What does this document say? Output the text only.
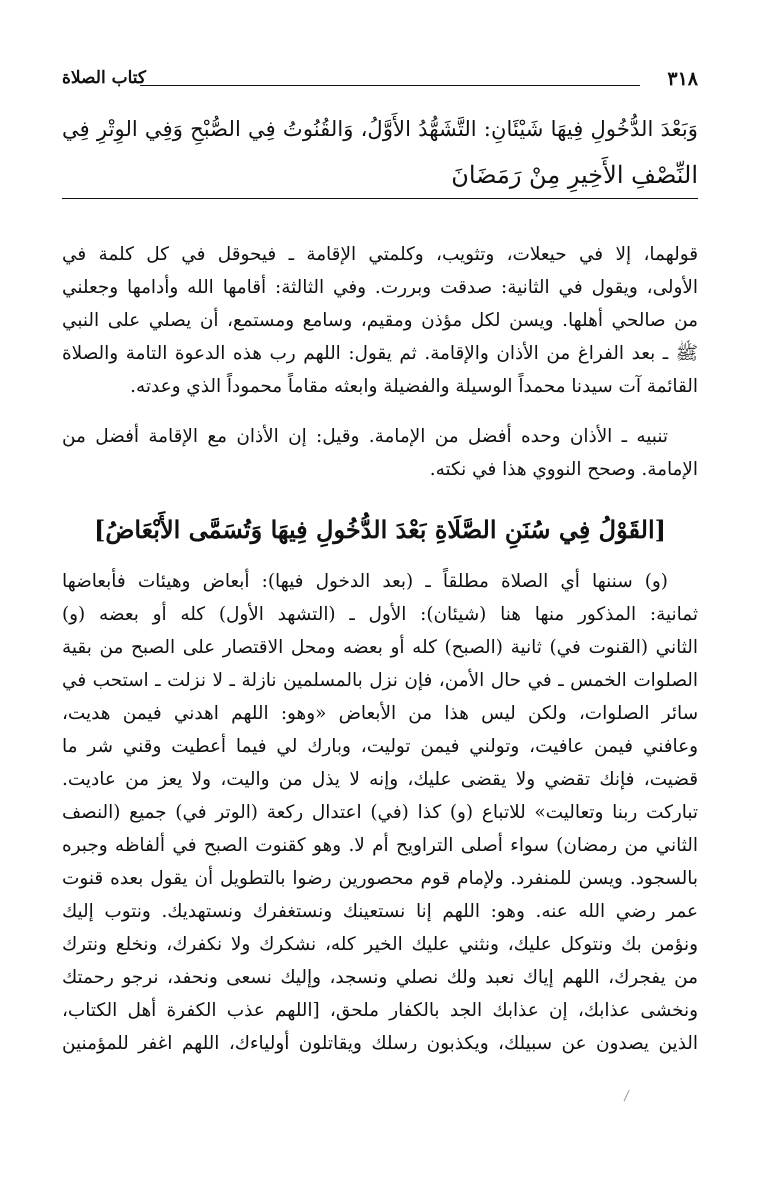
٣١٨
كتاب الصلاة
وَبَعْدَ الدُّخُولِ فِيهَا شَيْئَانِ: التَّشَهُّدُ الأَوَّلُ، وَالقُنُوتُ فِي الصُّبْحِ وَفِي الوِتْرِ فِي
النِّصْفِ الأَخِيرِ مِنْ رَمَضَانَ
قولهما، إلا في حيعلات، وتثويب، وكلمتي الإقامة ـ فيحوقل في كل كلمة في
الأولى، ويقول في الثانية: صدقت وبررت. وفي الثالثة: أقامها الله وأدامها وجعلني
من صالحي أهلها. ويسن لكل مؤذن ومقيم، وسامع ومستمع، أن يصلي على النبي
ﷺ ـ بعد الفراغ من الأذان والإقامة. ثم يقول: اللهم رب هذه الدعوة التامة والصلاة
القائمة آت سيدنا محمداً الوسيلة والفضيلة وابعثه مقاماً محموداً الذي وعدته.
تنبيه ـ الأذان وحده أفضل من الإمامة. وقيل: إن الأذان مع الإقامة أفضل من
الإمامة. وصحح النووي هذا في نكته.
[القَوْلُ فِي سُنَنِ الصَّلَاةِ بَعْدَ الدُّخُولِ فِيهَا وَتُسَمَّى الأَبْعَاضُ]
(و) سننها أي الصلاة مطلقاً ـ (بعد الدخول فيها): أبعاض وهيئات فأبعاضها
ثمانية: المذكور منها هنا (شيئان): الأول ـ (التشهد الأول) كله أو بعضه (و)
الثاني (القنوت في) ثانية (الصبح) كله أو بعضه ومحل الاقتصار على الصبح من بقية
الصلوات الخمس ـ في حال الأمن، فإن نزل بالمسلمين نازلة ـ لا نزلت ـ استحب في
سائر الصلوات، ولكن ليس هذا من الأبعاض «وهو: اللهم اهدني فيمن هديت،
وعافني فيمن عافيت، وتولني فيمن توليت، وبارك لي فيما أعطيت وقني شر ما
قضيت، فإنك تقضي ولا يقضى عليك، وإنه لا يذل من واليت، ولا يعز من عاديت.
تباركت ربنا وتعاليت» للاتباع (و) كذا (في) اعتدال ركعة (الوتر في) جميع (النصف
الثاني من رمضان) سواء أصلى التراويح أم لا. وهو كقنوت الصبح في ألفاظه وجبره
بالسجود. ويسن للمنفرد. ولإمام قوم محصورين رضوا بالتطويل أن يقول بعده قنوت
عمر رضي الله عنه. وهو: اللهم إنا نستعينك ونستغفرك ونستهديك. ونتوب إليك
ونؤمن بك ونتوكل عليك، ونثني عليك الخير كله، نشكرك ولا نكفرك، ونخلع ونترك
من يفجرك، اللهم إياك نعبد ولك نصلي ونسجد، وإليك نسعى ونحفد، نرجو رحمتك
ونخشى عذابك، إن عذابك الجد بالكفار ملحق، [اللهم عذب الكفرة أهل الكتاب،
الذين يصدون عن سبيلك، ويكذبون رسلك ويقاتلون أولياءك، اللهم اغفر للمؤمنين
